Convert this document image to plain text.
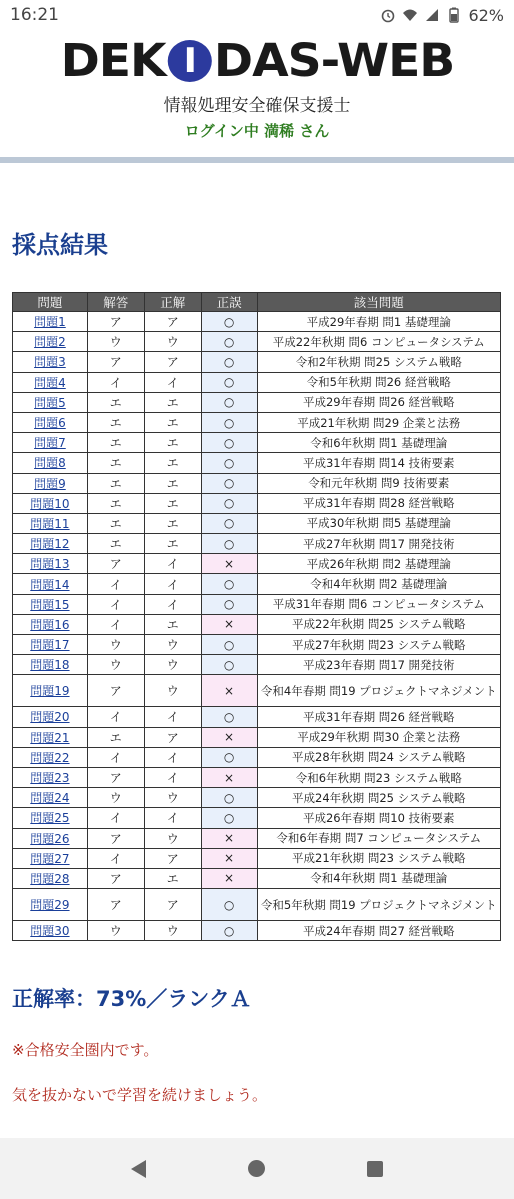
16:21	62%
DEK I DAS-WEB
情報処理安全確保支援士
ログイン中 満稀 さん
採点結果
問題	解答	正解	正誤	該当問題
問題1	ア	ア	○	平成29年春期 問1 基礎理論
問題2	ウ	ウ	○	平成22年秋期 問6 コンピュータシステム
問題3	ア	ア	○	令和2年秋期 問25 システム戦略
問題4	イ	イ	○	令和5年秋期 問26 経営戦略
問題5	エ	エ	○	平成29年春期 問26 経営戦略
問題6	エ	エ	○	平成21年秋期 問29 企業と法務
問題7	エ	エ	○	令和6年秋期 問1 基礎理論
問題8	エ	エ	○	平成31年春期 問14 技術要素
問題9	エ	エ	○	令和元年秋期 問9 技術要素
問題10	エ	エ	○	平成31年春期 問28 経営戦略
問題11	エ	エ	○	平成30年秋期 問5 基礎理論
問題12	エ	エ	○	平成27年秋期 問17 開発技術
問題13	ア	イ	×	平成26年秋期 問2 基礎理論
問題14	イ	イ	○	令和4年秋期 問2 基礎理論
問題15	イ	イ	○	平成31年春期 問6 コンピュータシステム
問題16	イ	エ	×	平成22年秋期 問25 システム戦略
問題17	ウ	ウ	○	平成27年秋期 問23 システム戦略
問題18	ウ	ウ	○	平成23年春期 問17 開発技術
問題19	ア	ウ	×	令和4年春期 問19 プロジェクトマネジメント
問題20	イ	イ	○	平成31年春期 問26 経営戦略
問題21	エ	ア	×	平成29年秋期 問30 企業と法務
問題22	イ	イ	○	平成28年秋期 問24 システム戦略
問題23	ア	イ	×	令和6年秋期 問23 システム戦略
問題24	ウ	ウ	○	平成24年秋期 問25 システム戦略
問題25	イ	イ	○	平成26年春期 問10 技術要素
問題26	ア	ウ	×	令和6年春期 問7 コンピュータシステム
問題27	イ	ア	×	平成21年秋期 問23 システム戦略
問題28	ア	エ	×	令和4年秋期 問1 基礎理論
問題29	ア	ア	○	令和5年秋期 問19 プロジェクトマネジメント
問題30	ウ	ウ	○	平成24年春期 問27 経営戦略
正解率：73%／ランクＡ
※合格安全圏内です。
気を抜かないで学習を続けましょう。
